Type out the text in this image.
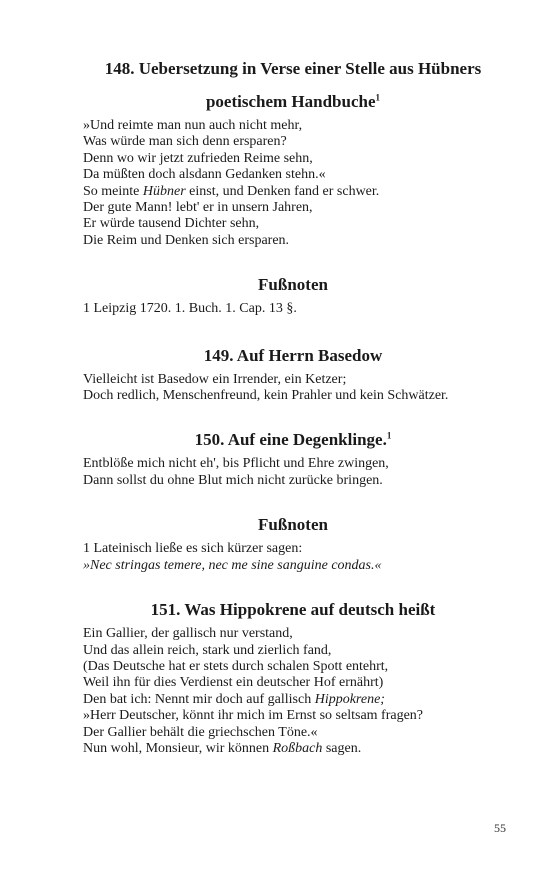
148. Uebersetzung in Verse einer Stelle aus Hübners
poetischem Handbuche$^1$
»Und reimte man nun auch nicht mehr,
Was würde man sich denn ersparen?
Denn wo wir jetzt zufrieden Reime sehn,
Da müßten doch alsdann Gedanken stehn.«
So meinte Hübner einst, und Denken fand er schwer.
Der gute Mann! lebt' er in unsern Jahren,
Er würde tausend Dichter sehn,
Die Reim und Denken sich ersparen.
Fußnoten
1 Leipzig 1720. 1. Buch. 1. Cap. 13 §.
149. Auf Herrn Basedow
Vielleicht ist Basedow ein Irrender, ein Ketzer;
Doch redlich, Menschenfreund, kein Prahler und kein Schwätzer.
150. Auf eine Degenklinge.$^1$
Entblöße mich nicht eh', bis Pflicht und Ehre zwingen,
Dann sollst du ohne Blut mich nicht zurücke bringen.
Fußnoten
1 Lateinisch ließe es sich kürzer sagen:
»Nec stringas temere, nec me sine sanguine condas.«
151. Was Hippokrene auf deutsch heißt
Ein Gallier, der gallisch nur verstand,
Und das allein reich, stark und zierlich fand,
(Das Deutsche hat er stets durch schalen Spott entehrt,
Weil ihn für dies Verdienst ein deutscher Hof ernährt)
Den bat ich: Nennt mir doch auf gallisch Hippokrene;
»Herr Deutscher, könnt ihr mich im Ernst so seltsam fragen?
Der Gallier behält die griechschen Töne.«
Nun wohl, Monsieur, wir können Roßbach sagen.
55
